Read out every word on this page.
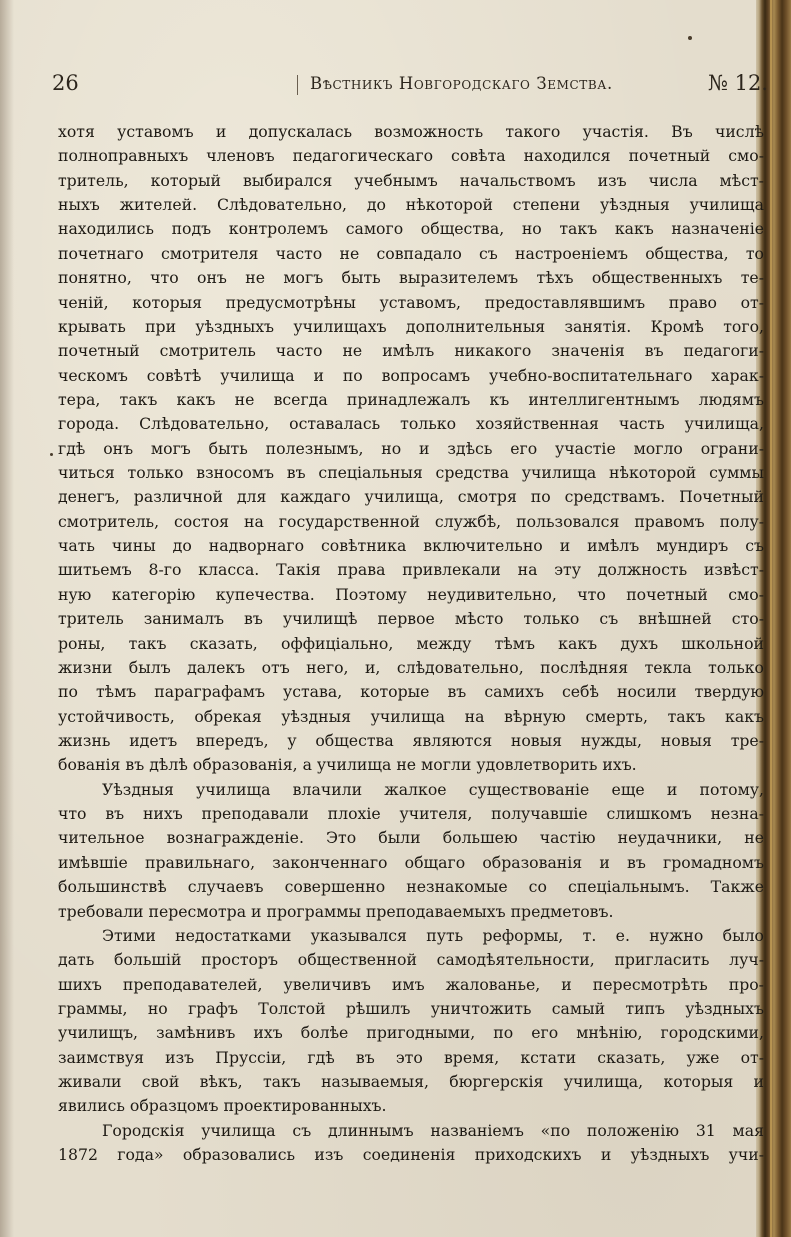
26	Вѣстникъ Новгородскаго Земства.	№ 12.
хотя уставомъ и допускалась возможность такого участія. Въ числѣ
полноправныхъ членовъ педагогическаго совѣта находился почетный смо-
тритель, который выбирался учебнымъ начальствомъ изъ числа мѣст-
ныхъ жителей. Слѣдовательно, до нѣкоторой степени уѣздныя училища
находились подъ контролемъ самого общества, но такъ какъ назначеніе
почетнаго смотрителя часто не совпадало съ настроеніемъ общества, то
понятно, что онъ не могъ быть выразителемъ тѣхъ общественныхъ те-
ченій, которыя предусмотрѣны уставомъ, предоставлявшимъ право от-
крывать при уѣздныхъ училищахъ дополнительныя занятія. Кромѣ того,
почетный смотритель часто не имѣлъ никакого значенія въ педагоги-
ческомъ совѣтѣ училища и по вопросамъ учебно-воспитательнаго харак-
тера, такъ какъ не всегда принадлежалъ къ интеллигентнымъ людямъ
города. Слѣдовательно, оставалась только хозяйственная часть училища,
гдѣ онъ могъ быть полезнымъ, но и здѣсь его участіе могло ограни-
читься только взносомъ въ спеціальныя средства училища нѣкоторой суммы
денегъ, различной для каждаго училища, смотря по средствамъ. Почетный
смотритель, состоя на государственной службѣ, пользовался правомъ полу-
чать чины до надворнаго совѣтника включительно и имѣлъ мундиръ съ
шитьемъ 8-го класса. Такія права привлекали на эту должность извѣст-
ную категорію купечества. Поэтому неудивительно, что почетный смо-
тритель занималъ въ училищѣ первое мѣсто только съ внѣшней сто-
роны, такъ сказать, оффиціально, между тѣмъ какъ духъ школьной
жизни былъ далекъ отъ него, и, слѣдовательно, послѣдняя текла только
по тѣмъ параграфамъ устава, которые въ самихъ себѣ носили твердую
устойчивость, обрекая уѣздныя училища на вѣрную смерть, такъ какъ
жизнь идетъ впередъ, у общества являются новыя нужды, новыя тре-
бованія въ дѣлѣ образованія, а училища не могли удовлетворить ихъ.
Уѣздныя училища влачили жалкое существованіе еще и потому,
что въ нихъ преподавали плохіе учителя, получавшіе слишкомъ незна-
чительное вознагражденіе. Это были большею частію неудачники, не
имѣвшіе правильнаго, законченнаго общаго образованія и въ громадномъ
большинствѣ случаевъ совершенно незнакомые со спеціальнымъ. Также
требовали пересмотра и программы преподаваемыхъ предметовъ.
Этими недостатками указывался путь реформы, т. е. нужно было
дать большій просторъ общественной самодѣятельности, пригласить луч-
шихъ преподавателей, увеличивъ имъ жалованье, и пересмотрѣть про-
граммы, но графъ Толстой рѣшилъ уничтожить самый типъ уѣздныхъ
училищъ, замѣнивъ ихъ болѣе пригодными, по его мнѣнію, городскими,
заимствуя изъ Пруссіи, гдѣ въ это время, кстати сказать, уже от-
живали свой вѣкъ, такъ называемыя, бюргерскія училища, которыя и
явились образцомъ проектированныхъ.
Городскія училища съ длиннымъ названіемъ «по положенію 31 мая
1872 года» образовались изъ соединенія приходскихъ и уѣздныхъ учи-
